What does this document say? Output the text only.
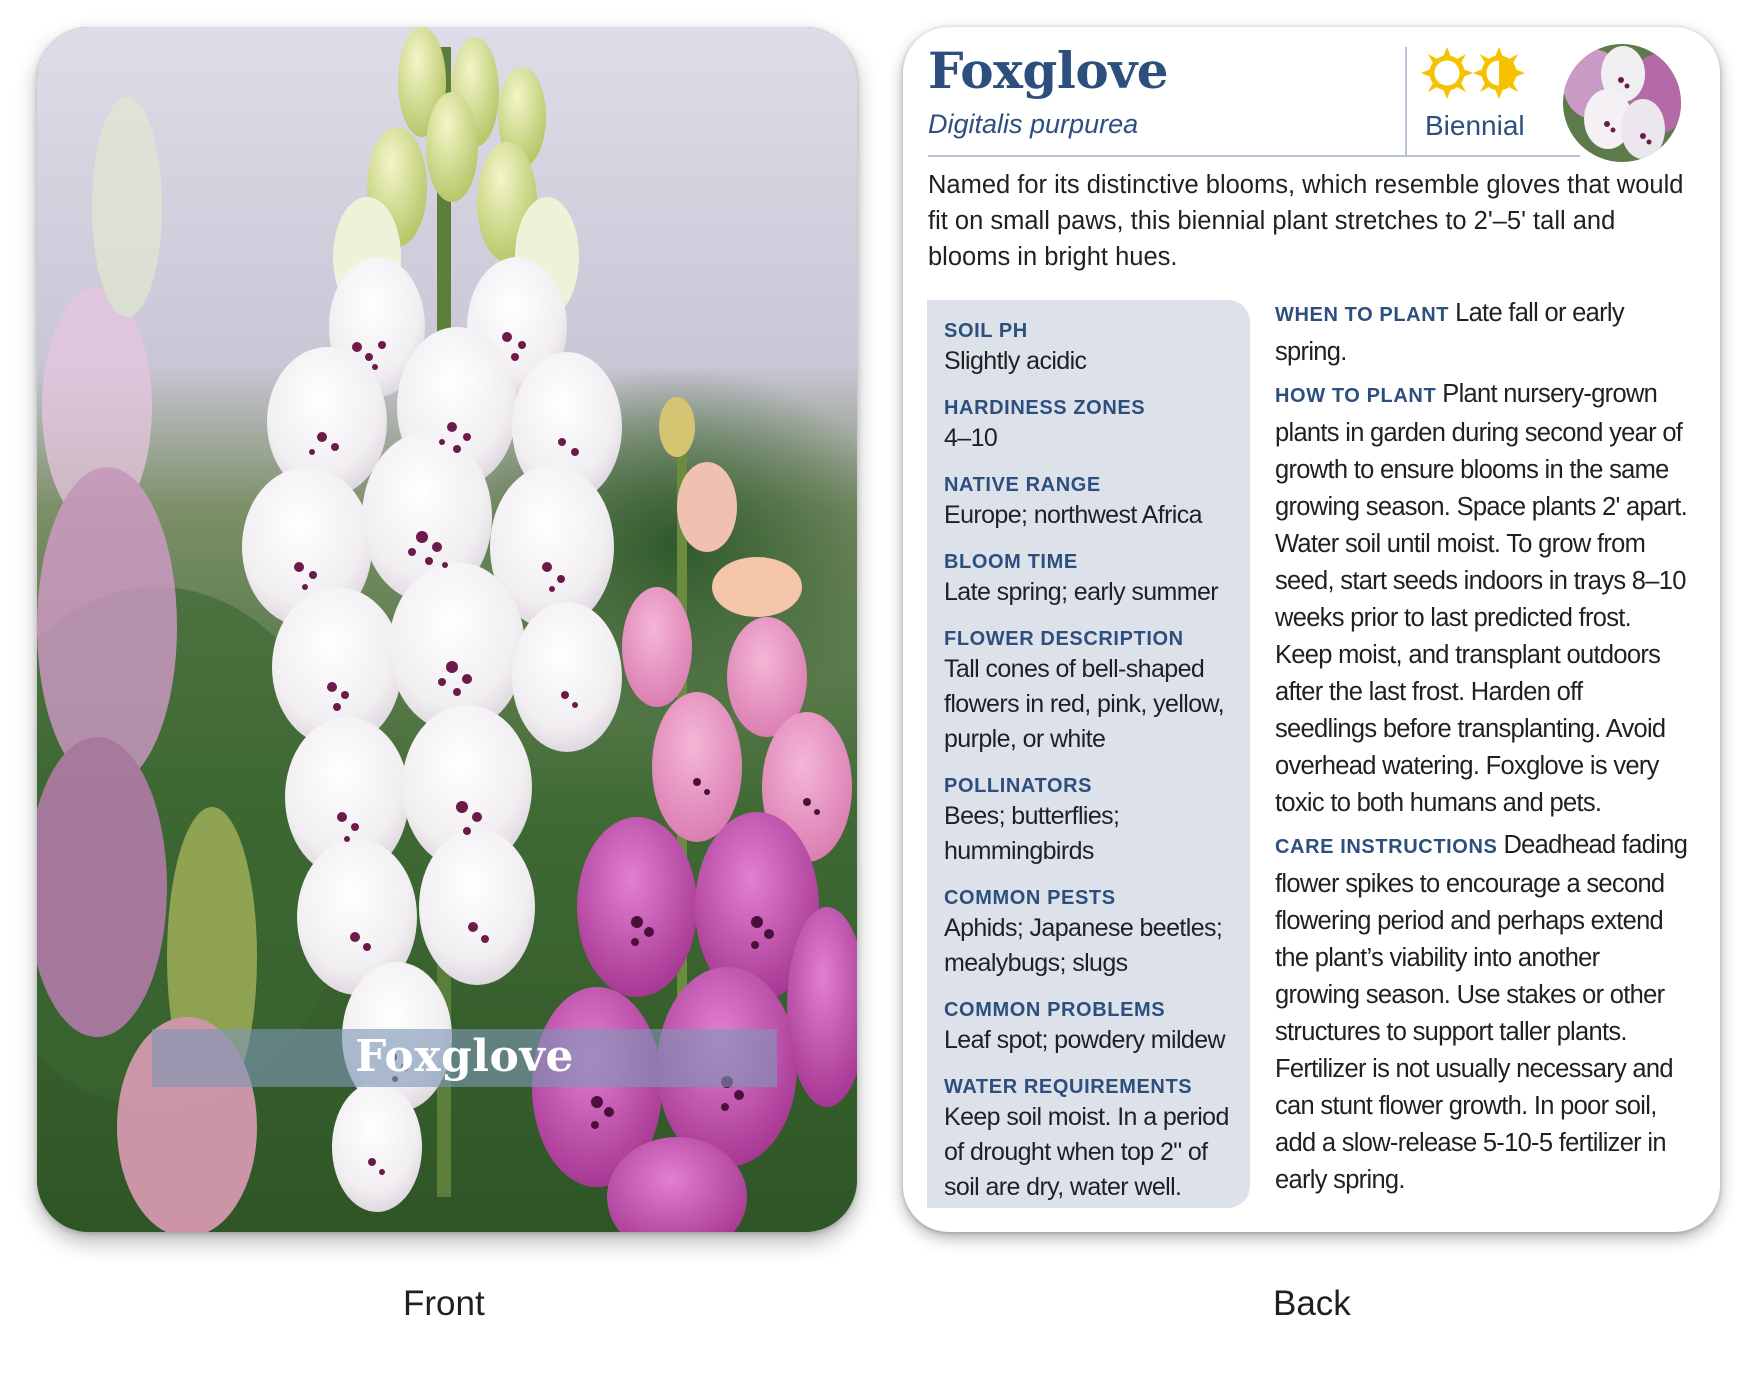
Foxglove
Foxglove
Digitalis purpurea	Biennial
Named for its distinctive blooms, which resemble gloves that would fit on small paws, this biennial plant stretches to 2'–5' tall and blooms in bright hues.
SOIL PH
Slightly acidic
HARDINESS ZONES
4–10
NATIVE RANGE
Europe; northwest Africa
BLOOM TIME
Late spring; early summer
FLOWER DESCRIPTION
Tall cones of bell-shaped flowers in red, pink, yellow, purple, or white
POLLINATORS
Bees; butterflies; hummingbirds
COMMON PESTS
Aphids; Japanese beetles; mealybugs; slugs
COMMON PROBLEMS
Leaf spot; powdery mildew
WATER REQUIREMENTS
Keep soil moist. In a period of drought when top 2" of soil are dry, water well.
WHEN TO PLANT Late fall or early spring.
HOW TO PLANT Plant nursery-grown plants in garden during second year of growth to ensure blooms in the same growing season. Space plants 2' apart. Water soil until moist. To grow from seed, start seeds indoors in trays 8–10 weeks prior to last predicted frost. Keep moist, and transplant outdoors after the last frost. Harden off seedlings before transplanting. Avoid overhead watering. Foxglove is very toxic to both humans and pets.
CARE INSTRUCTIONS Deadhead fading flower spikes to encourage a second flowering period and perhaps extend the plant’s viability into another growing season. Use stakes or other structures to support taller plants. Fertilizer is not usually necessary and can stunt flower growth. In poor soil, add a slow-release 5-10-5 fertilizer in early spring.
Front	Back
